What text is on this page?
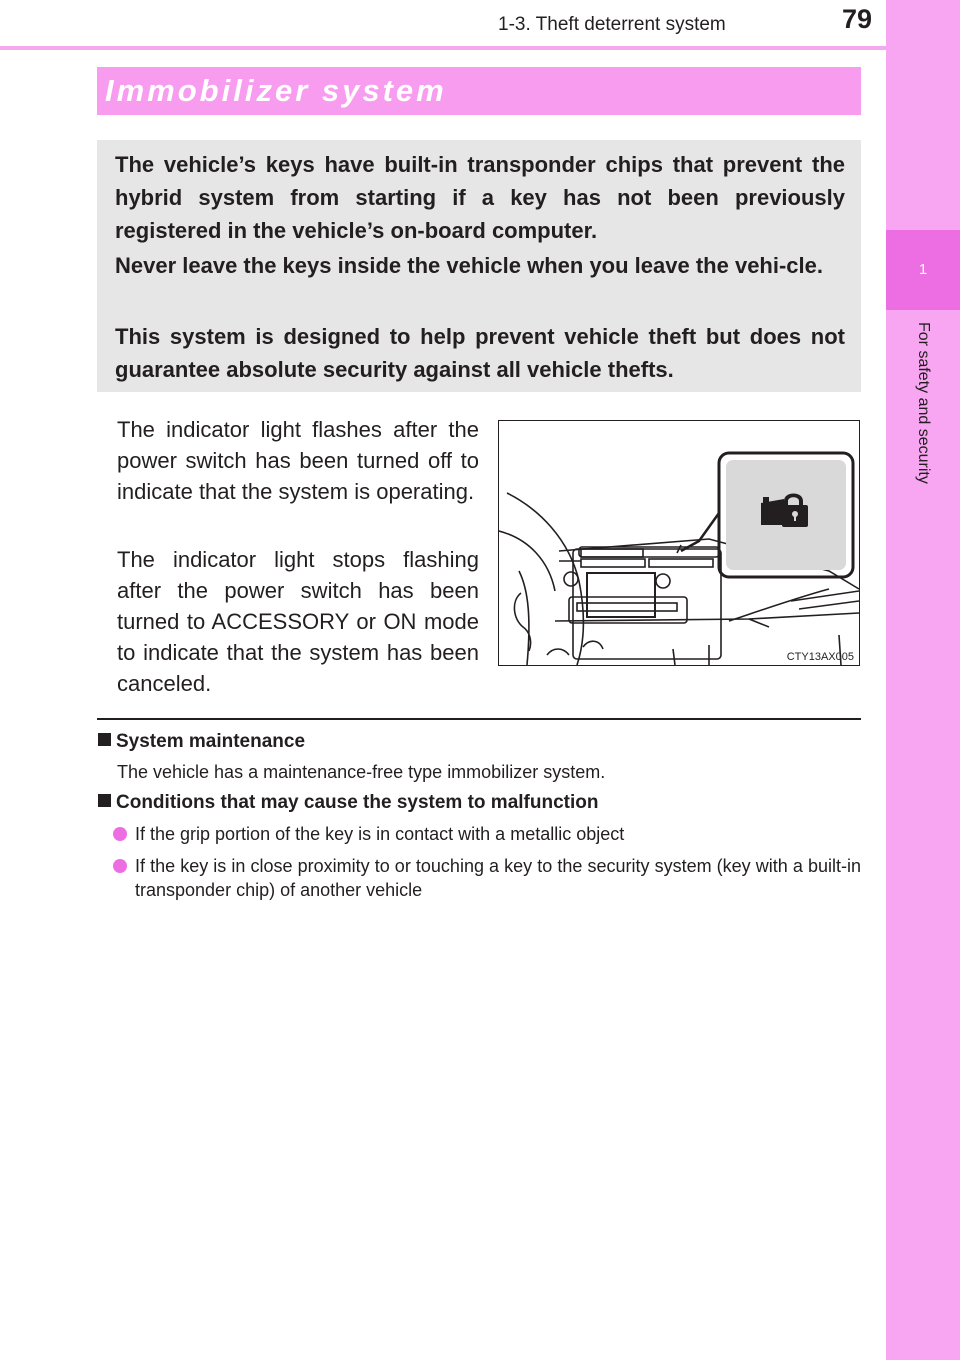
1-3. Theft deterrent system	79
1
For safety and security
Immobilizer system

The vehicle’s keys have built-in transponder chips that prevent the hybrid system from starting if a key has not been previously registered in the vehicle’s on-board computer.

Never leave the keys inside the vehicle when you leave the vehi-cle.

This system is designed to help prevent vehicle theft but does not guarantee absolute security against all vehicle thefts.

The indicator light flashes after the power switch has been turned off to indicate that the system is operating.

The indicator light stops flashing after the power switch has been turned to ACCESSORY or ON mode to indicate that the system has been canceled.

CTY13AX005
System maintenance

The vehicle has a maintenance-free type immobilizer system.

Conditions that may cause the system to malfunction
If the grip portion of the key is in contact with a metallic object
If the key is in close proximity to or touching a key to the security system (key with a built-in transponder chip) of another vehicle
